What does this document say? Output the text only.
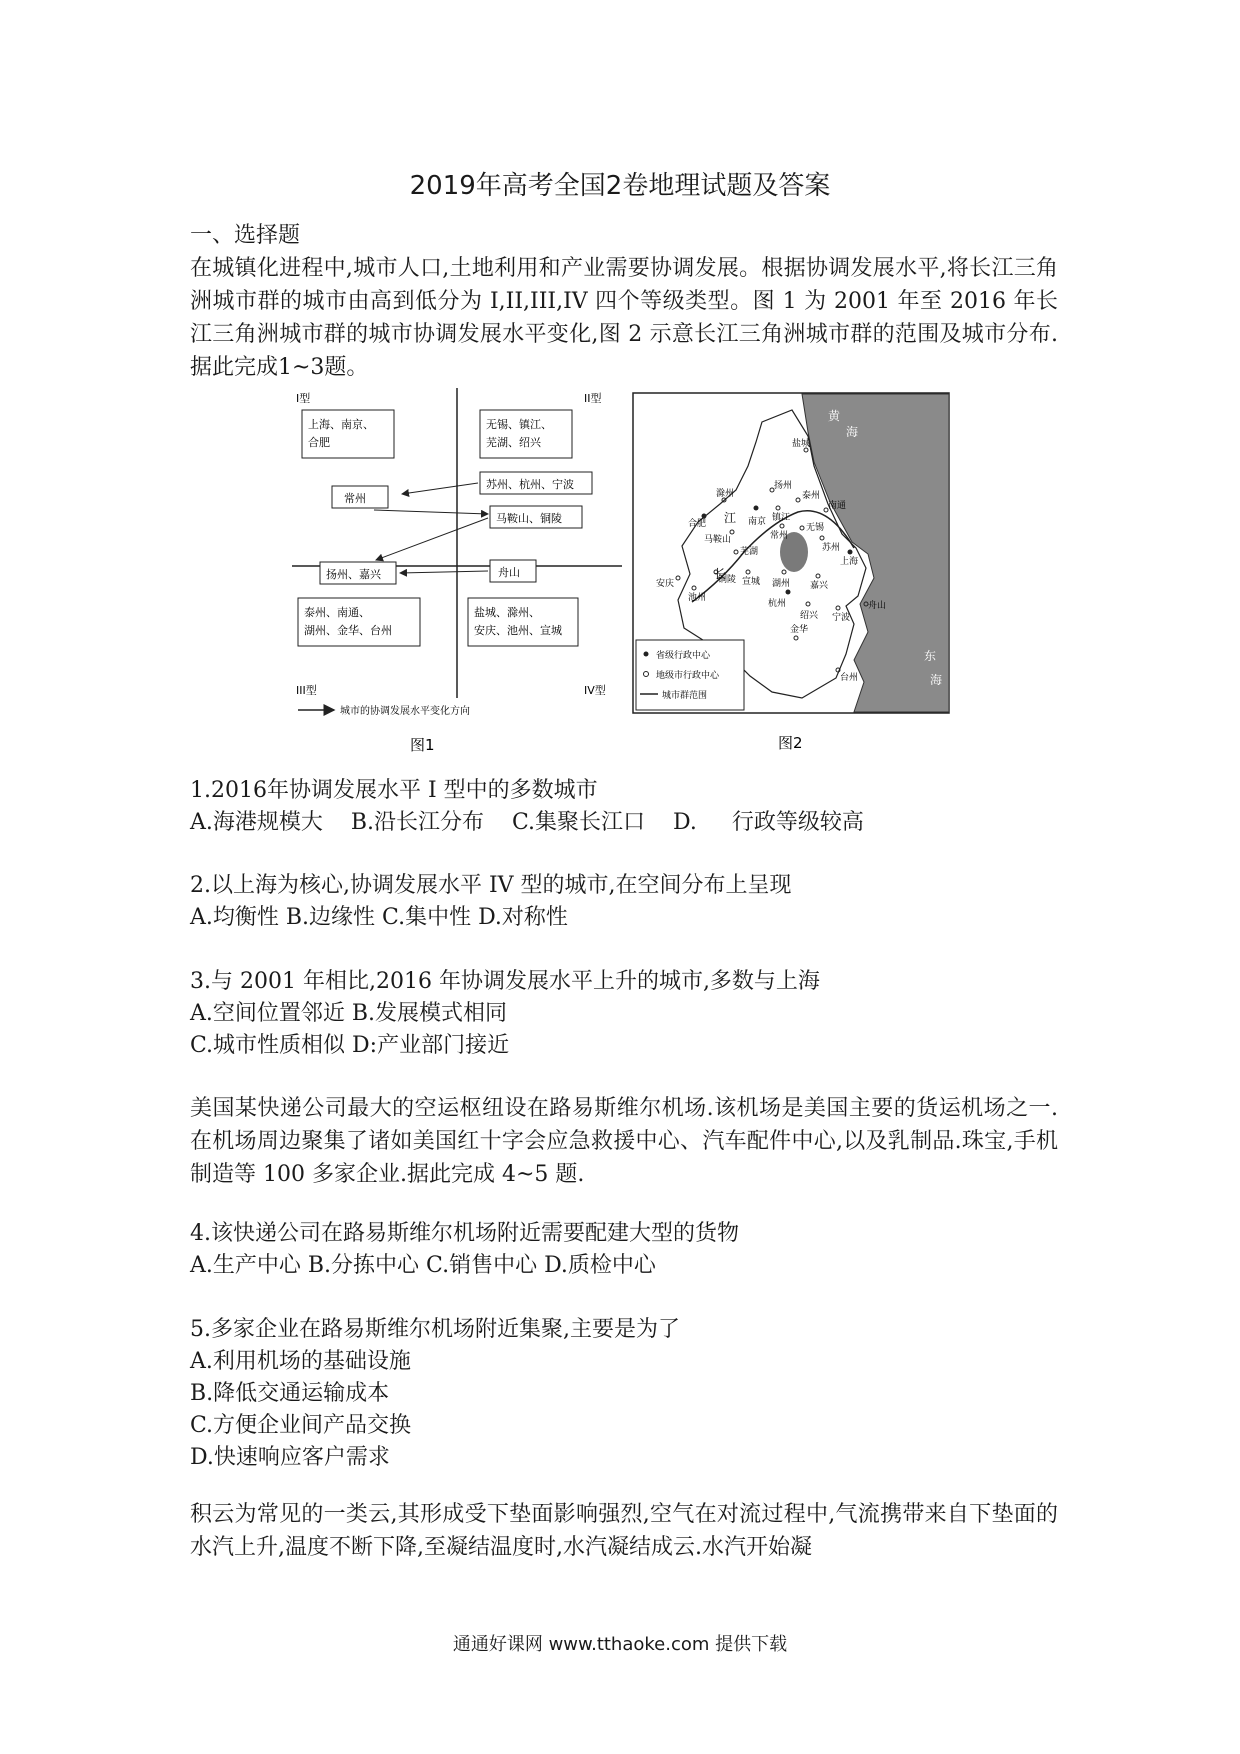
2019年高考全国2卷地理试题及答案
一、选择题
在城镇化进程中,城市人口,土地利用和产业需要协调发展。根据协调发展水平,将长江三角洲城市群的城市由高到低分为 I,II,III,IV 四个等级类型。图 1 为 2001 年至 2016 年长江三角洲城市群的城市协调发展水平变化,图 2 示意长江三角洲城市群的范围及城市分布.据此完成1~3题。
I型	II型
III型	IV型
上海、南京、
合肥
无锡、镇江、
芜湖、绍兴
苏州、杭州、宁波
常州
马鞍山、铜陵
扬州、嘉兴	舟山
泰州、南通、
湖州、金华、台州
盐城、滁州、
安庆、池州、宣城
城市的协调发展水平变化方向
图1
黄
海
东
海
长
江
盐城
扬州
泰州
南通
滁州
合肥	南京 镇江
常州
无锡
苏州
上海
马鞍山
芜湖
铜陵 宣城 湖州 嘉兴
安庆
池州
杭州
绍兴 宁波
舟山
金华
台州
省级行政中心
地级市行政中心
城市群范围
图2
1.2016年协调发展水平 I 型中的多数城市
A.海港规模大    B.沿长江分布    C.集聚长江口    D.     行政等级较高
2.以上海为核心,协调发展水平 IV 型的城市,在空间分布上呈现
A.均衡性 B.边缘性 C.集中性 D.对称性
3.与 2001 年相比,2016 年协调发展水平上升的城市,多数与上海
A.空间位置邻近 B.发展模式相同
C.城市性质相似 D:产业部门接近
美国某快递公司最大的空运枢纽设在路易斯维尔机场.该机场是美国主要的货运机场之一.在机场周边聚集了诸如美国红十字会应急救援中心、汽车配件中心,以及乳制品.珠宝,手机制造等 100 多家企业.据此完成 4~5 题.
4.该快递公司在路易斯维尔机场附近需要配建大型的货物
A.生产中心 B.分拣中心 C.销售中心 D.质检中心
5.多家企业在路易斯维尔机场附近集聚,主要是为了
A.利用机场的基础设施
B.降低交通运输成本
C.方便企业间产品交换
D.快速响应客户需求
积云为常见的一类云,其形成受下垫面影响强烈,空气在对流过程中,气流携带来自下垫面的水汽上升,温度不断下降,至凝结温度时,水汽凝结成云.水汽开始凝
通通好课网 www.tthaoke.com 提供下载
